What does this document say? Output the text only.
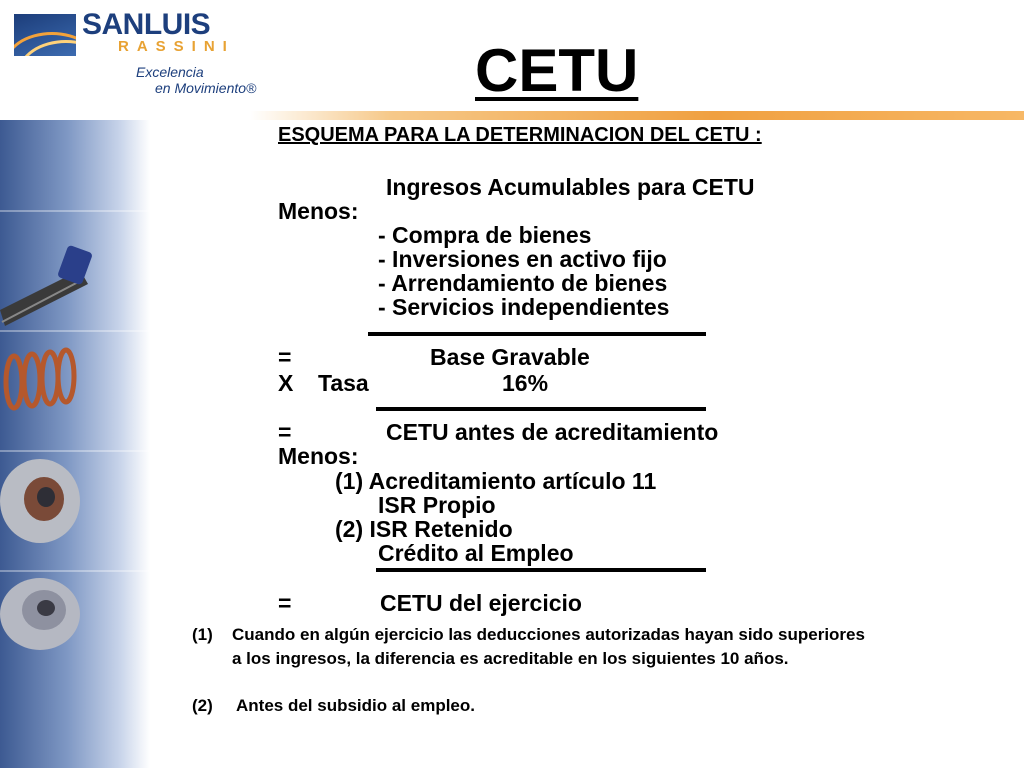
SANLUIS
RASSINI
Excelencia
en Movimiento®	CETU
ESQUEMA PARA LA DETERMINACION DEL CETU :
Ingresos Acumulables para CETU
Menos:
- Compra de bienes
- Inversiones en activo fijo
- Arrendamiento de bienes
- Servicios independientes
=	Base Gravable
X Tasa	16%
=	CETU antes de acreditamiento
Menos:
(1) Acreditamiento artículo 11
ISR Propio
(2) ISR Retenido
Crédito al Empleo
=	CETU del ejercicio
(1) Cuando en algún ejercicio las deducciones autorizadas hayan sido superiores
a los ingresos, la diferencia es acreditable en los siguientes 10 años.
(2) Antes del subsidio al empleo.
